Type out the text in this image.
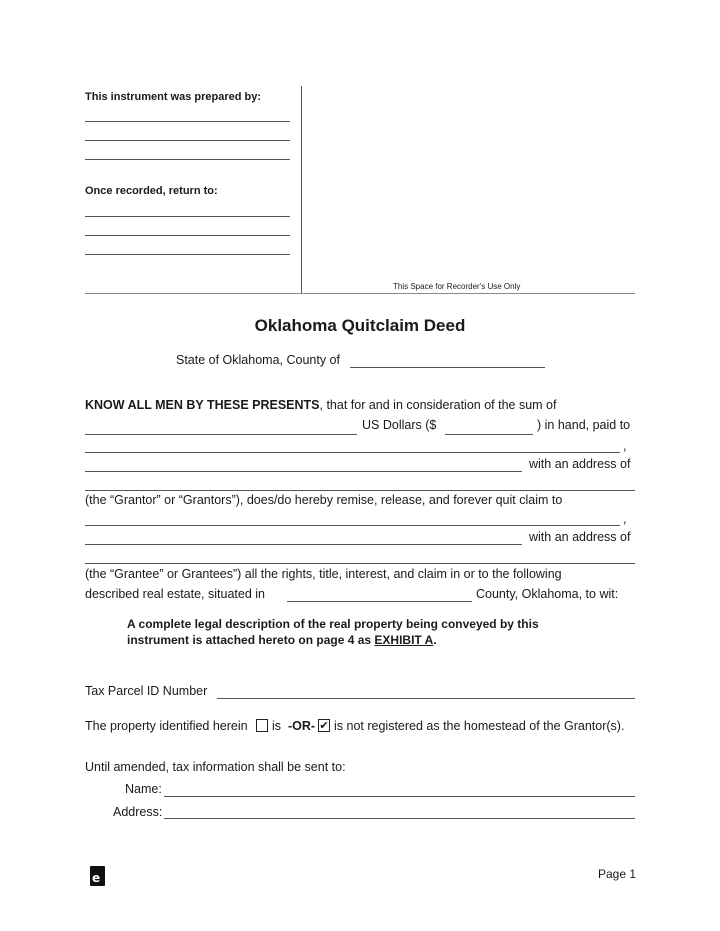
This instrument was prepared by:
Once recorded, return to:
This Space for Recorder's Use Only
Oklahoma Quitclaim Deed
State of Oklahoma, County of
KNOW ALL MEN BY THESE PRESENTS, that for and in consideration of the sum of
US Dollars ($	) in hand, paid to
,
with an address of
(the “Grantor” or “Grantors”), does/do hereby remise, release, and forever quit claim to
,
with an address of
(the “Grantee” or Grantees”) all the rights, title, interest, and claim in or to the following
described real estate, situated in	County, Oklahoma, to wit:
A complete legal description of the real property being conveyed by this
instrument is attached hereto on page 4 as EXHIBIT A.
Tax Parcel ID Number
The property identified herein is -OR- ✔ is not registered as the homestead of the Grantor(s).
Until amended, tax information shall be sent to:
Name:
Address:
e	Page 1
